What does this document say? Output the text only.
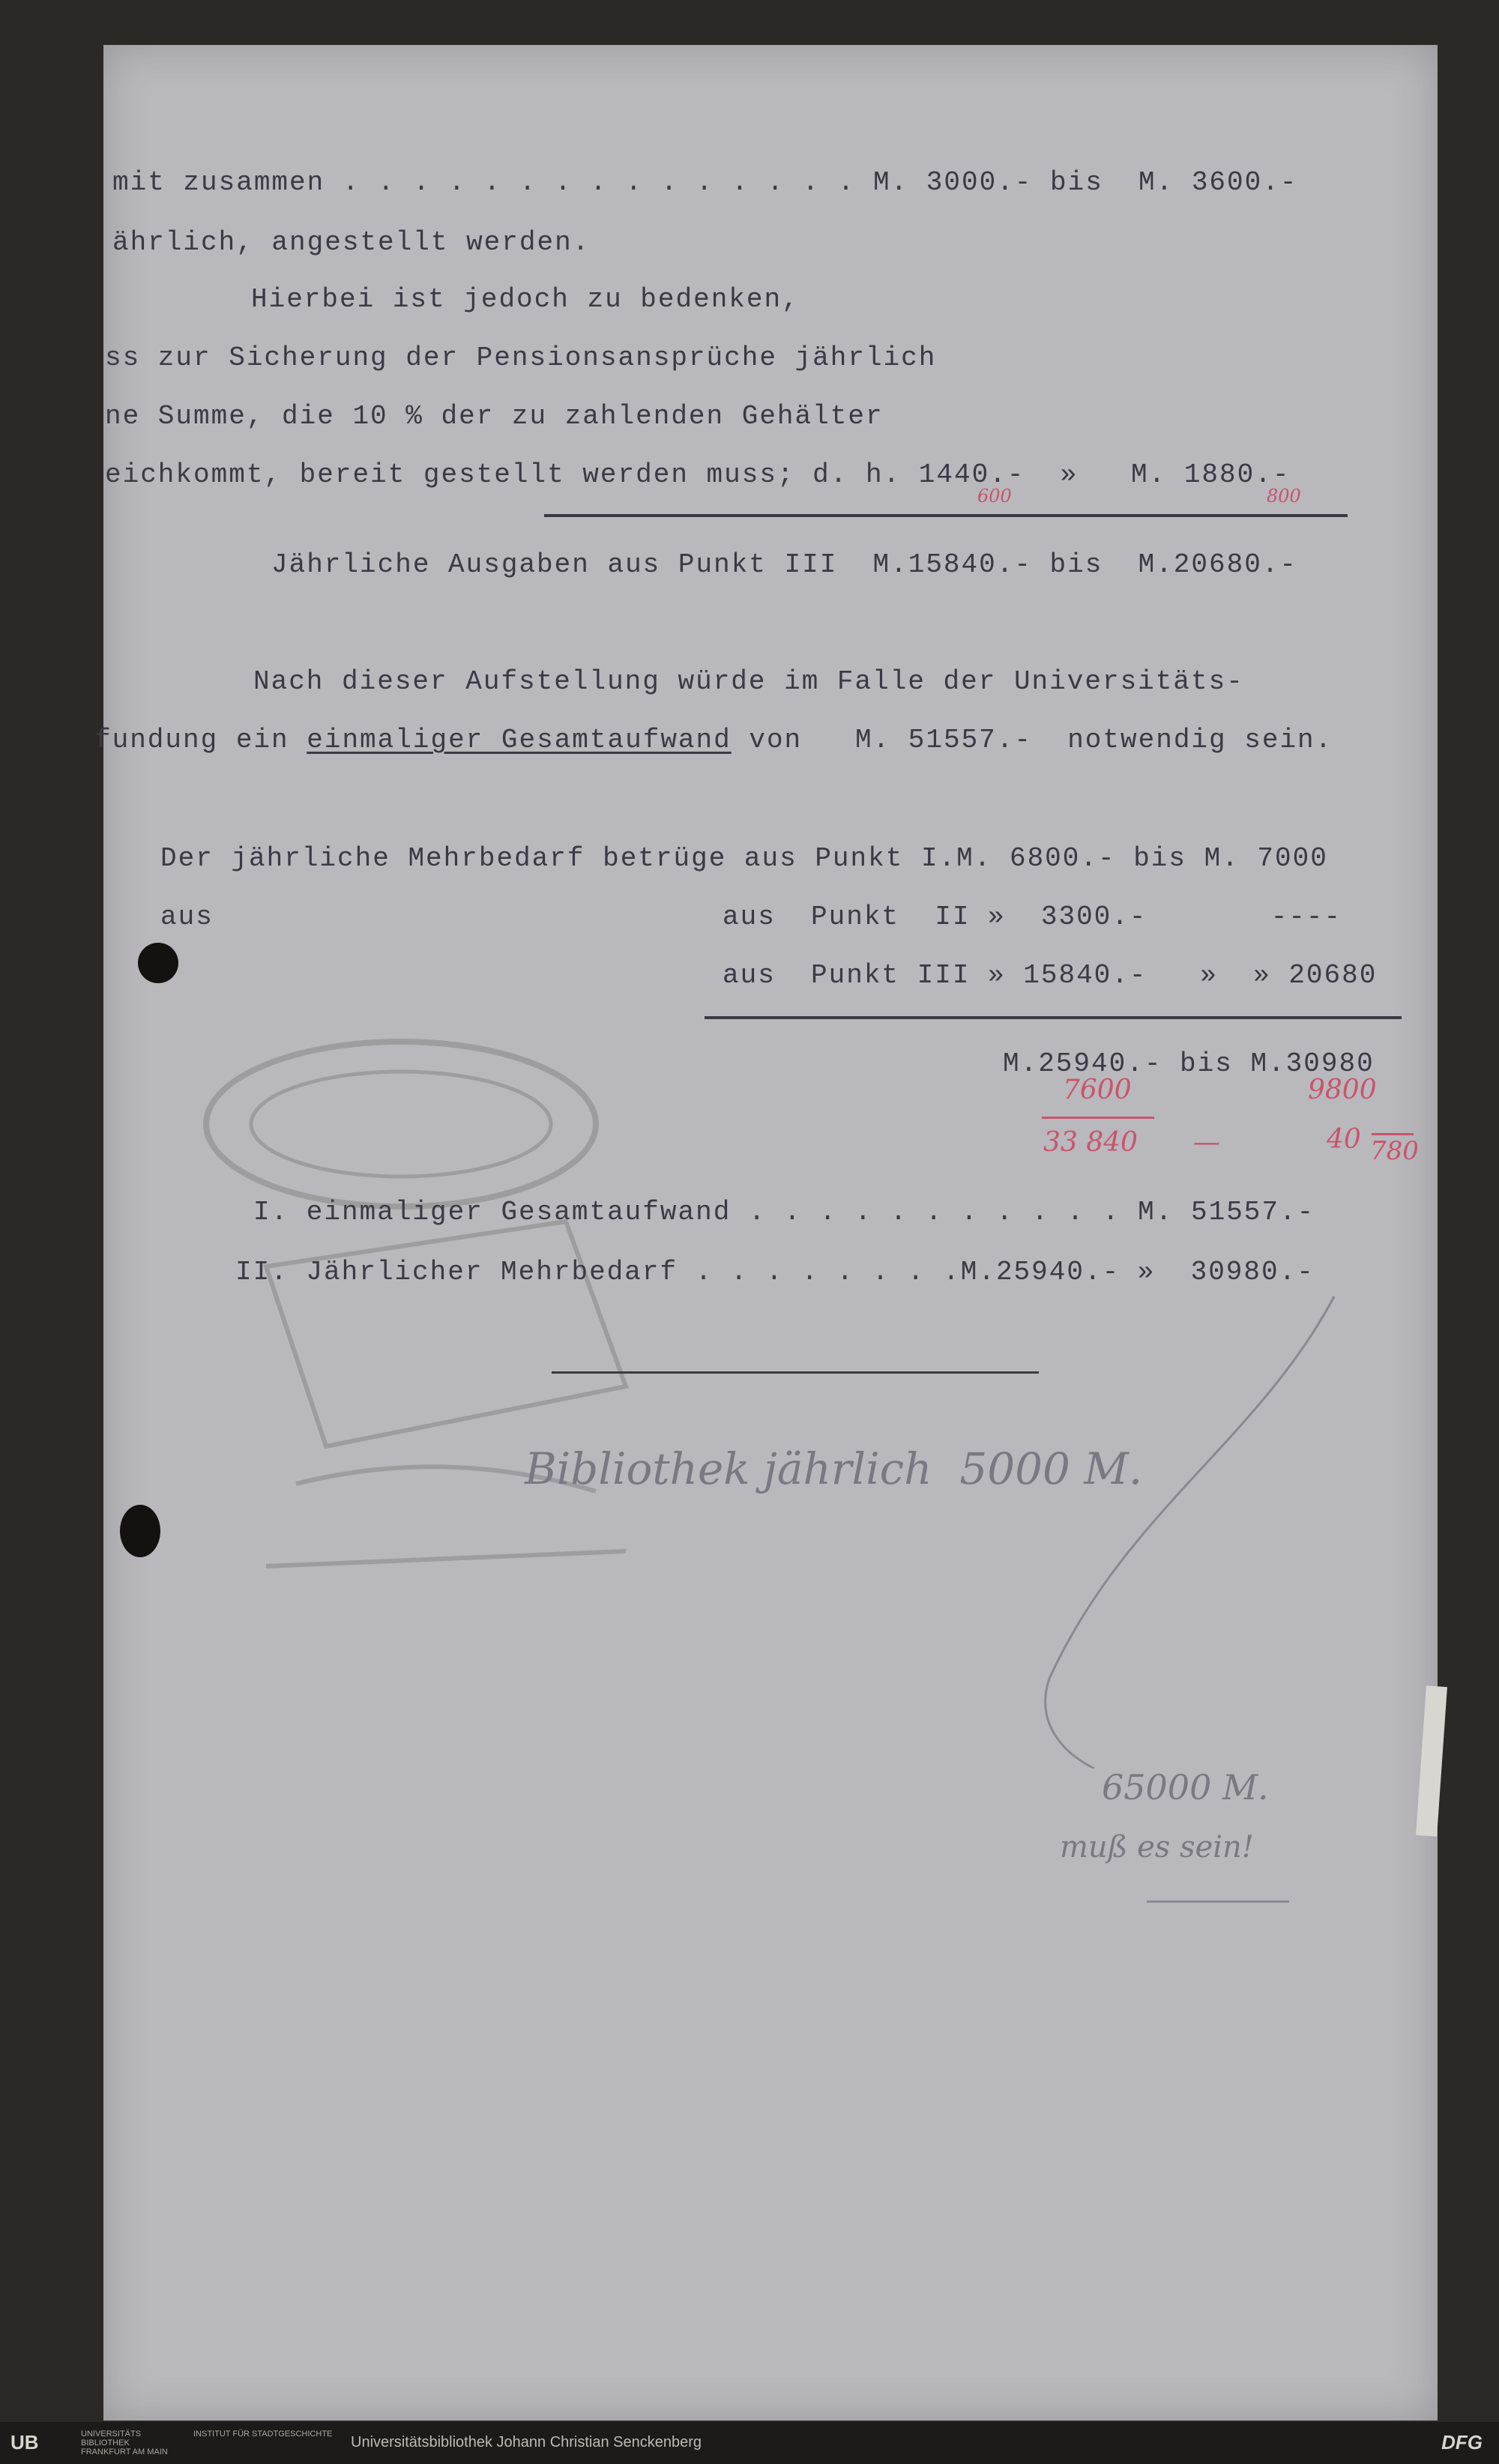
mit zusammen . . . . . . . . . . . . . . . M. 3000.- bis  M. 3600.-
ährlich, angestellt werden.
Hierbei ist jedoch zu bedenken,
ss zur Sicherung der Pensionsansprüche jährlich
ne Summe, die 10 % der zu zahlenden Gehälter
eichkommt, bereit gestellt werden muss; d. h. 1440.-  »   M. 1880.-
Jährliche Ausgaben aus Punkt III  M.15840.- bis  M.20680.-
Nach dieser Aufstellung würde im Falle der Universitäts-
fundung ein einmaliger Gesamtaufwand von   M. 51557.-  notwendig sein.
Der jährliche Mehrbedarf betrüge aus Punkt I.M. 6800.- bis M. 7000
aus	aus  Punkt  II »  3300.-       ----
aus  Punkt III » 15840.-   »  » 20680
M.25940.- bis M.30980
I. einmaliger Gesamtaufwand . . . . . . . . . . . M. 51557.-
II. Jährlicher Mehrbedarf . . . . . . . .M.25940.- »  30980.-
600	800
7600	9800
33 840 —	40 780
Bibliothek jährlich  5000 M.
65000 M.
muß es sein!
UB	UNIVERSITÄTS BIBLIOTHEK FRANKFURT AM MAIN
INSTITUT FÜR STADTGESCHICHTE Universitätsbibliothek Johann Christian Senckenberg	DFG
